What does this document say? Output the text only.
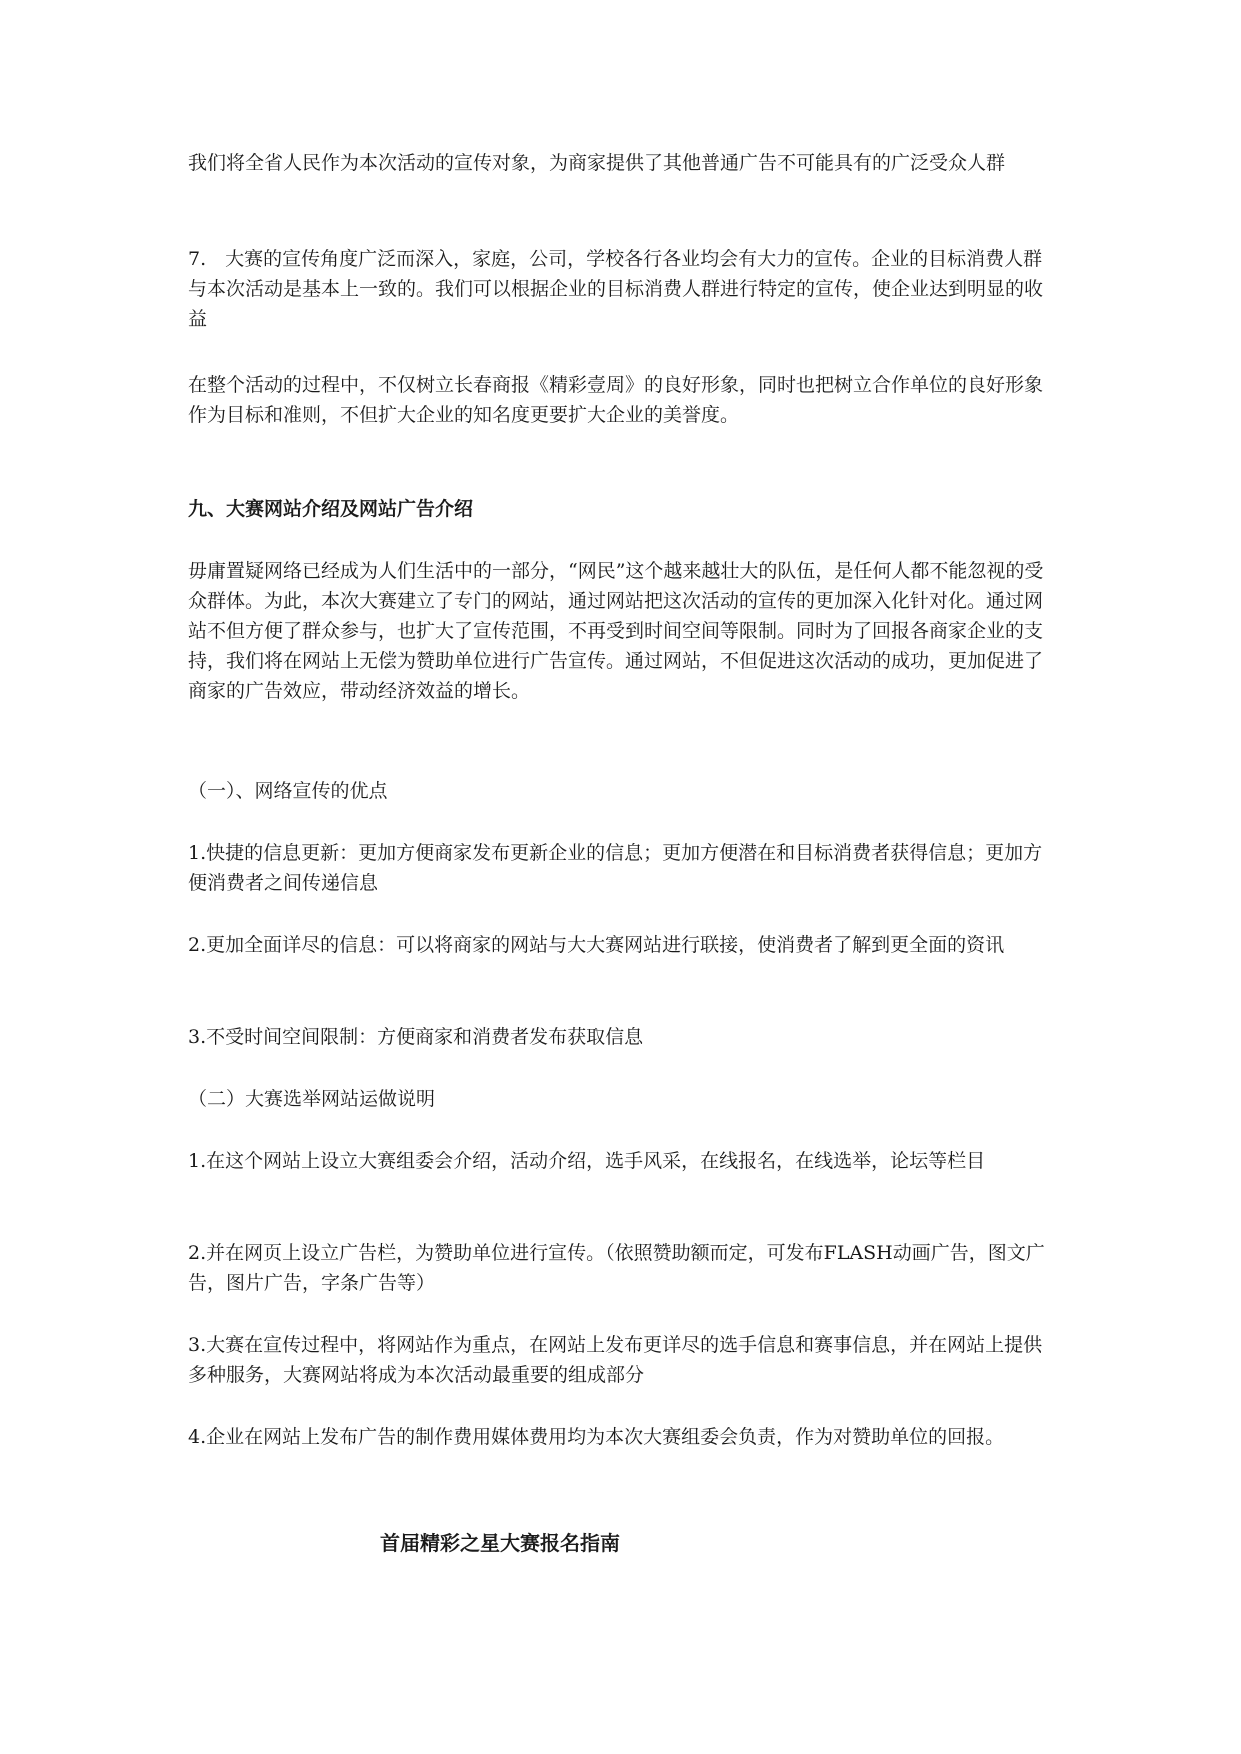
我们将全省人民作为本次活动的宣传对象，为商家提供了其他普通广告不可能具有的广泛受众人群

7.　大赛的宣传角度广泛而深入，家庭，公司，学校各行各业均会有大力的宣传。企业的目标消费人群与本次活动是基本上一致的。我们可以根据企业的目标消费人群进行特定的宣传，使企业达到明显的收益

在整个活动的过程中，不仅树立长春商报《精彩壹周》的良好形象，同时也把树立合作单位的良好形象作为目标和准则，不但扩大企业的知名度更要扩大企业的美誉度。

九、大赛网站介绍及网站广告介绍

毋庸置疑网络已经成为人们生活中的一部分，“网民”这个越来越壮大的队伍，是任何人都不能忽视的受众群体。为此，本次大赛建立了专门的网站，通过网站把这次活动的宣传的更加深入化针对化。通过网站不但方便了群众参与，也扩大了宣传范围，不再受到时间空间等限制。同时为了回报各商家企业的支持，我们将在网站上无偿为赞助单位进行广告宣传。通过网站，不但促进这次活动的成功，更加促进了商家的广告效应，带动经济效益的增长。

（一）、网络宣传的优点

1.快捷的信息更新：更加方便商家发布更新企业的信息；更加方便潜在和目标消费者获得信息；更加方便消费者之间传递信息

2.更加全面详尽的信息：可以将商家的网站与大大赛网站进行联接，使消费者了解到更全面的资讯

3.不受时间空间限制：方便商家和消费者发布获取信息

（二）大赛选举网站运做说明

1.在这个网站上设立大赛组委会介绍，活动介绍，选手风采，在线报名，在线选举，论坛等栏目

2.并在网页上设立广告栏，为赞助单位进行宣传。（依照赞助额而定，可发布FLASH动画广告，图文广告，图片广告，字条广告等）

3.大赛在宣传过程中，将网站作为重点，在网站上发布更详尽的选手信息和赛事信息，并在网站上提供多种服务，大赛网站将成为本次活动最重要的组成部分

4.企业在网站上发布广告的制作费用媒体费用均为本次大赛组委会负责，作为对赞助单位的回报。

首届精彩之星大赛报名指南
